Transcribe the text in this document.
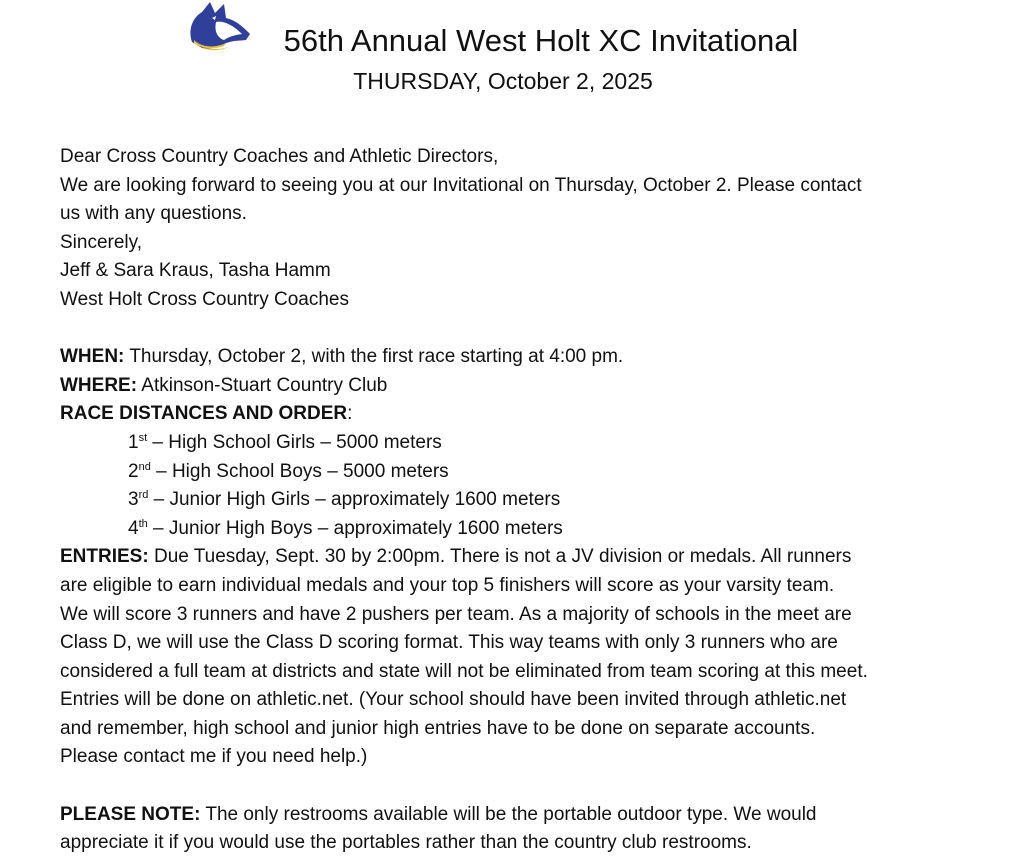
56th Annual West Holt XC Invitational
THURSDAY, October 2, 2025
Dear Cross Country Coaches and Athletic Directors,
We are looking forward to seeing you at our Invitational on Thursday, October 2. Please contact
us with any questions.
Sincerely,
Jeff & Sara Kraus, Tasha Hamm
West Holt Cross Country Coaches
WHEN: Thursday, October 2, with the first race starting at 4:00 pm.
WHERE: Atkinson-Stuart Country Club
RACE DISTANCES AND ORDER:
1st – High School Girls – 5000 meters
2nd – High School Boys – 5000 meters
3rd – Junior High Girls – approximately 1600 meters
4th – Junior High Boys – approximately 1600 meters
ENTRIES: Due Tuesday, Sept. 30 by 2:00pm. There is not a JV division or medals. All runners
are eligible to earn individual medals and your top 5 finishers will score as your varsity team.
We will score 3 runners and have 2 pushers per team. As a majority of schools in the meet are
Class D, we will use the Class D scoring format. This way teams with only 3 runners who are
considered a full team at districts and state will not be eliminated from team scoring at this meet.
Entries will be done on athletic.net. (Your school should have been invited through athletic.net
and remember, high school and junior high entries have to be done on separate accounts.
Please contact me if you need help.)
PLEASE NOTE: The only restrooms available will be the portable outdoor type. We would
appreciate it if you would use the portables rather than the country club restrooms.
